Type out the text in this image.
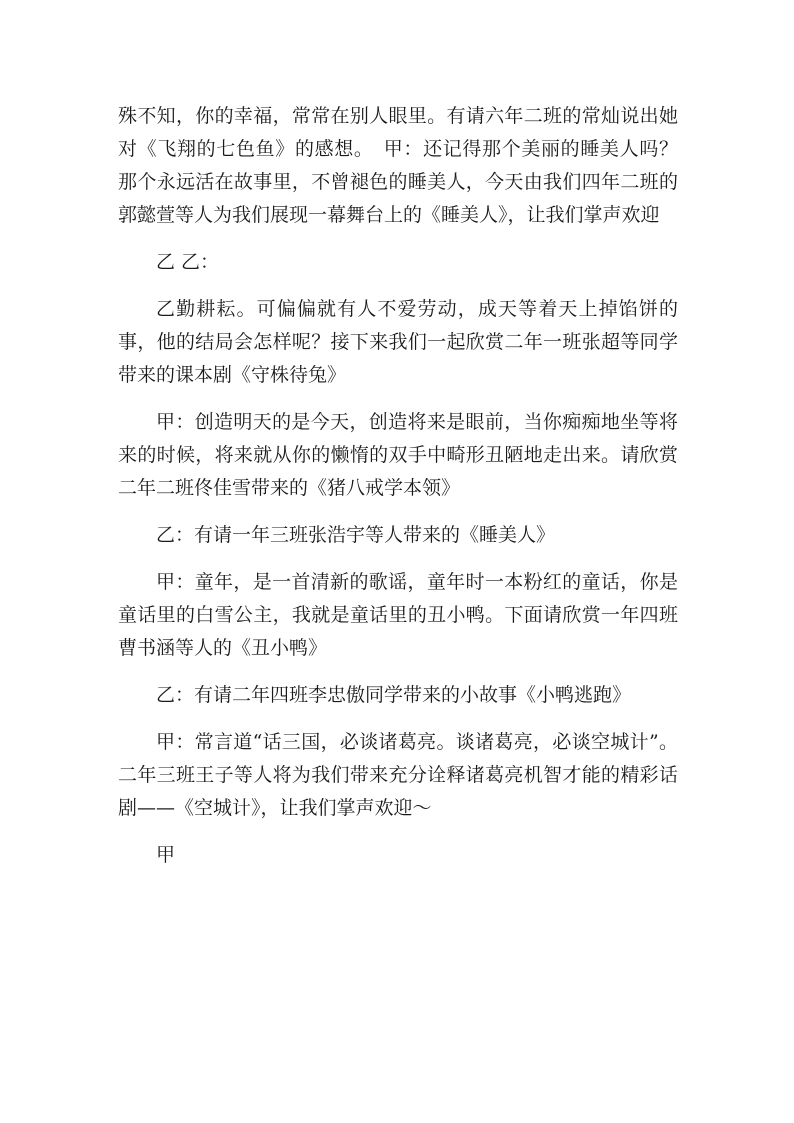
殊不知，你的幸福，常常在别人眼里。有请六年二班的常灿说出她对《飞翔的七色鱼》的感想。　甲：还记得那个美丽的睡美人吗？那个永远活在故事里，不曾褪色的睡美人，今天由我们四年二班的郭懿萱等人为我们展现一幕舞台上的《睡美人》，让我们掌声欢迎

乙 乙：

乙勤耕耘。可偏偏就有人不爱劳动，成天等着天上掉馅饼的事，他的结局会怎样呢？接下来我们一起欣赏二年一班张超等同学带来的课本剧《守株待兔》

甲：创造明天的是今天，创造将来是眼前，当你痴痴地坐等将来的时候，将来就从你的懒惰的双手中畸形丑陋地走出来。请欣赏二年二班佟佳雪带来的《猪八戒学本领》

乙：有请一年三班张浩宇等人带来的《睡美人》

甲：童年，是一首清新的歌谣，童年时一本粉红的童话，你是童话里的白雪公主，我就是童话里的丑小鸭。下面请欣赏一年四班曹书涵等人的《丑小鸭》

乙：有请二年四班李忠傲同学带来的小故事《小鸭逃跑》

甲：常言道“话三国，必谈诸葛亮。谈诸葛亮，必谈空城计”。二年三班王子等人将为我们带来充分诠释诸葛亮机智才能的精彩话剧——《空城计》，让我们掌声欢迎～

甲
